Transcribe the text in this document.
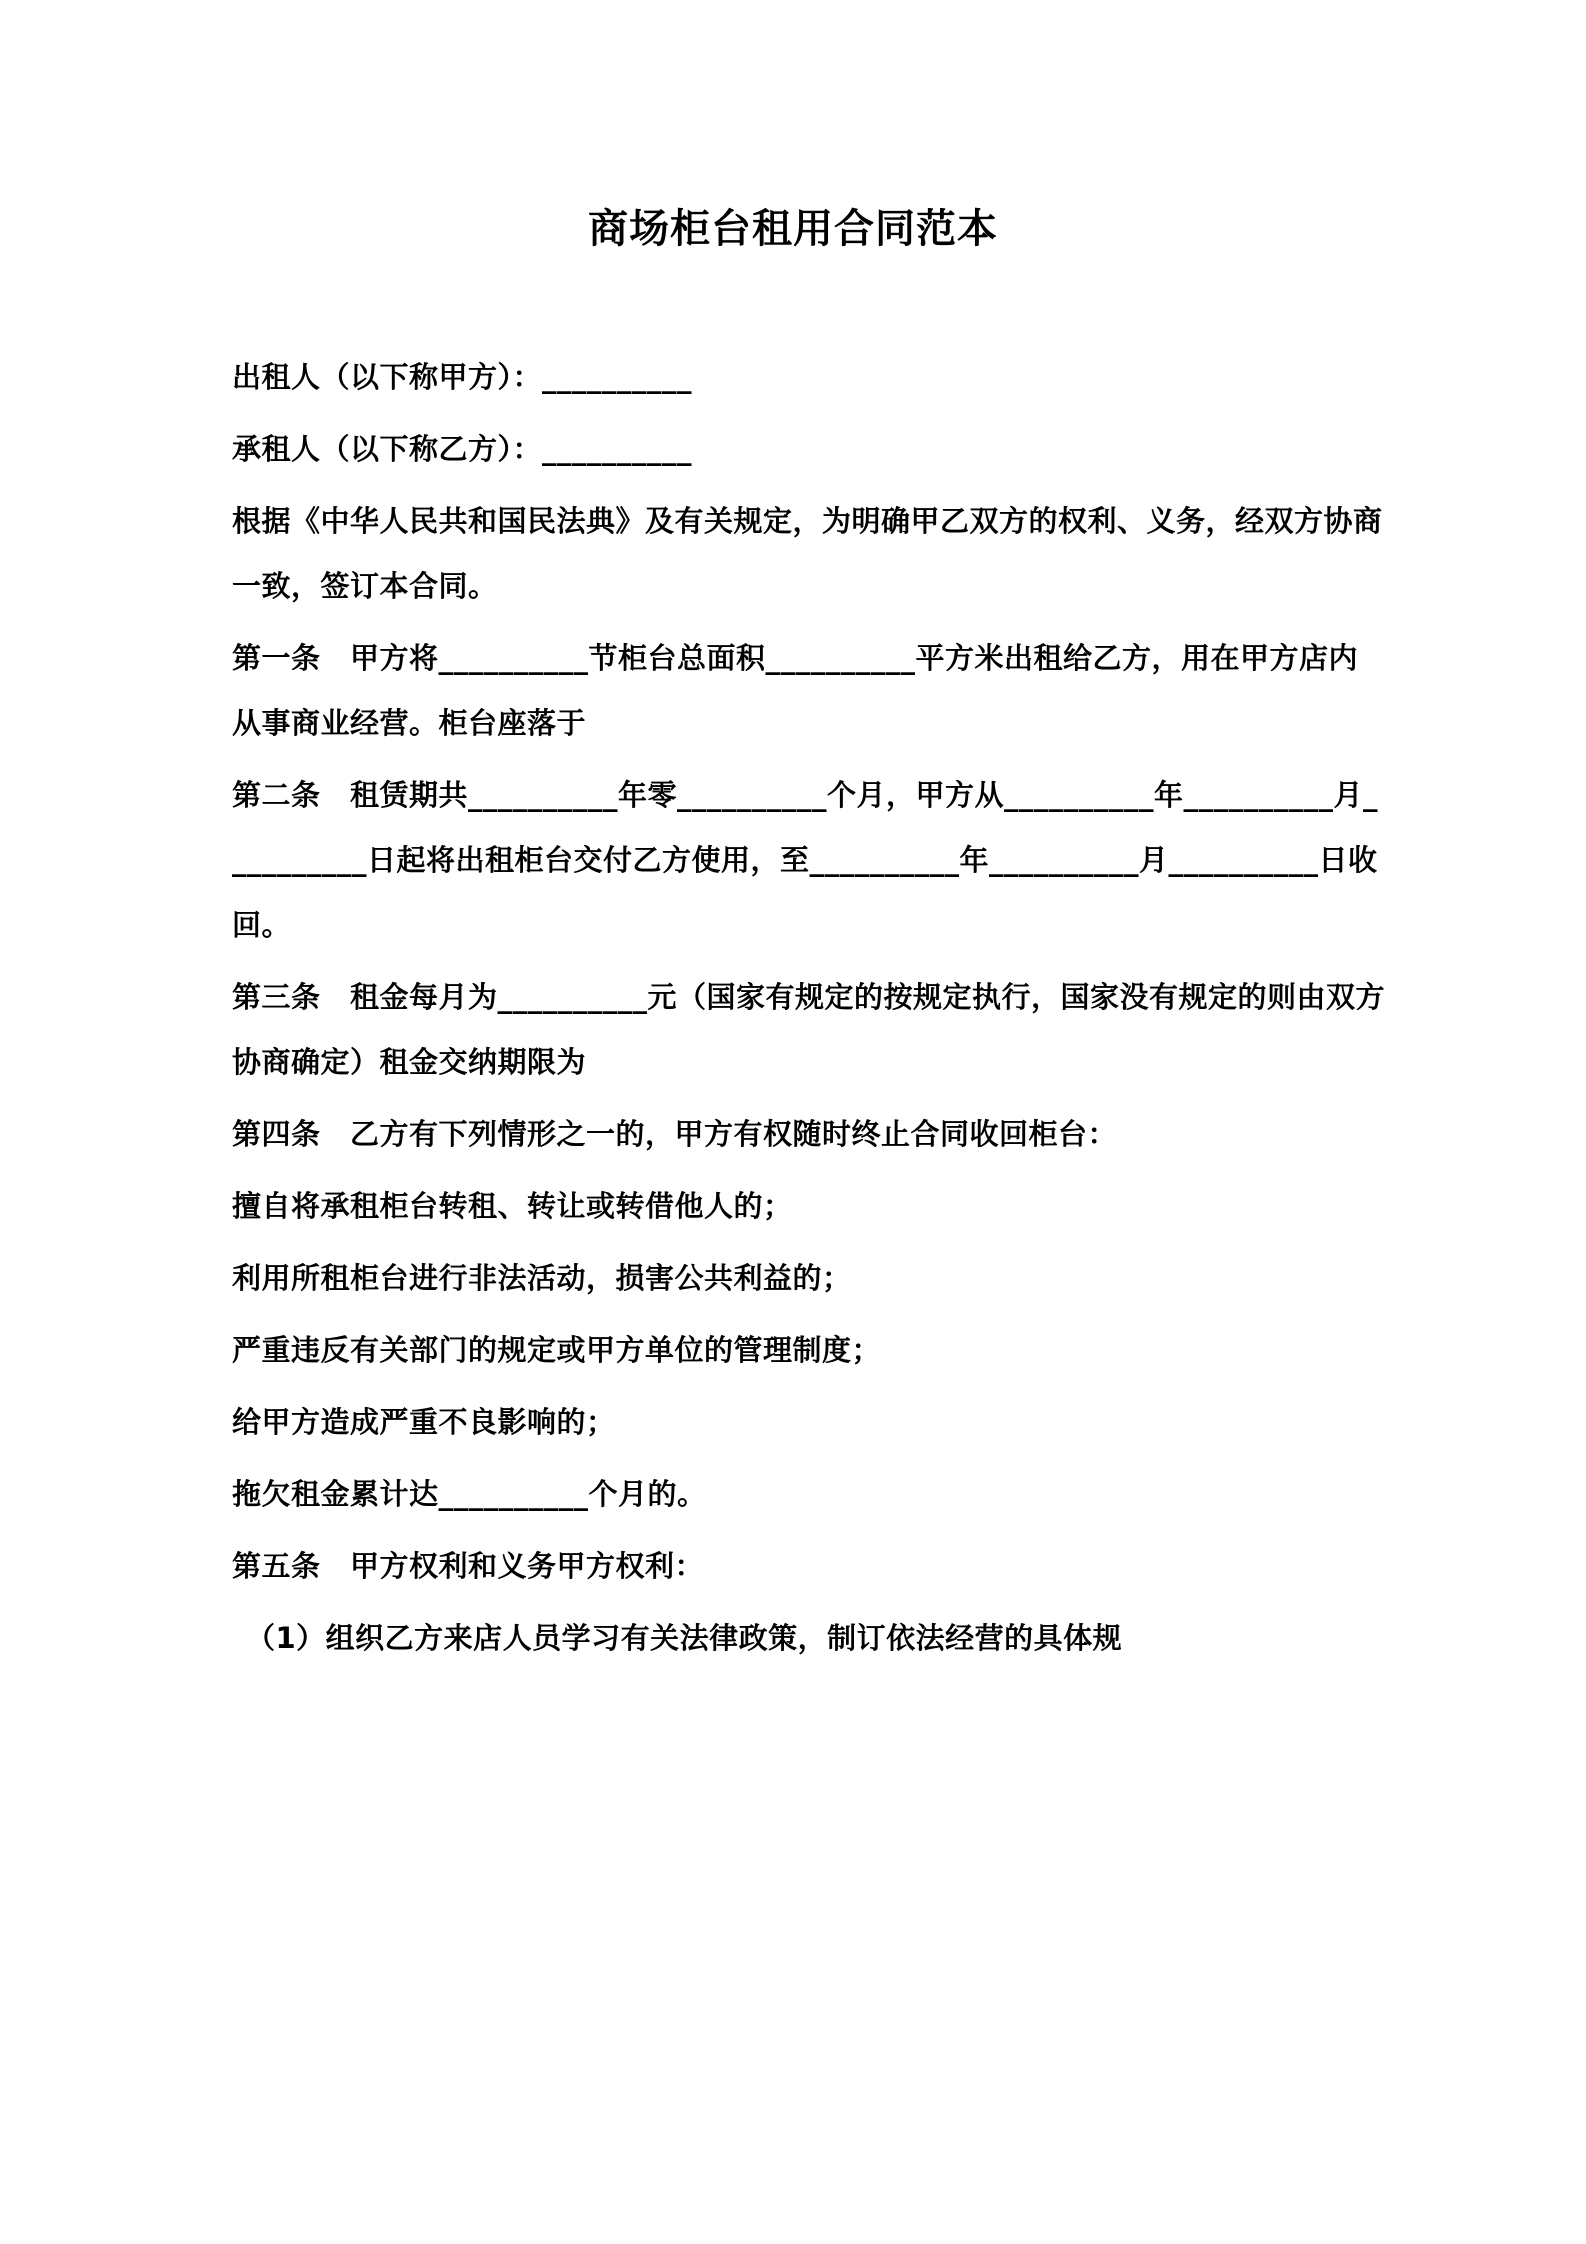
商场柜台租用合同范本

出租人（以下称甲方）：__________

承租人（以下称乙方）：__________

根据《中华人民共和国民法典》及有关规定，为明确甲乙双方的权利、义务，经双方协商一致，签订本合同。

第一条　甲方将__________节柜台总面积__________平方米出租给乙方，用在甲方店内从事商业经营。柜台座落于

第二条　租赁期共__________年零__________个月，甲方从__________年__________月__________日起将出租柜台交付乙方使用，至__________年__________月__________日收回。

第三条　租金每月为__________元（国家有规定的按规定执行，国家没有规定的则由双方协商确定）租金交纳期限为

第四条　乙方有下列情形之一的，甲方有权随时终止合同收回柜台：

擅自将承租柜台转租、转让或转借他人的；

利用所租柜台进行非法活动，损害公共利益的；

严重违反有关部门的规定或甲方单位的管理制度；

给甲方造成严重不良影响的；

拖欠租金累计达__________个月的。

第五条　甲方权利和义务甲方权利：

（1）组织乙方来店人员学习有关法律政策，制订依法经营的具体规
